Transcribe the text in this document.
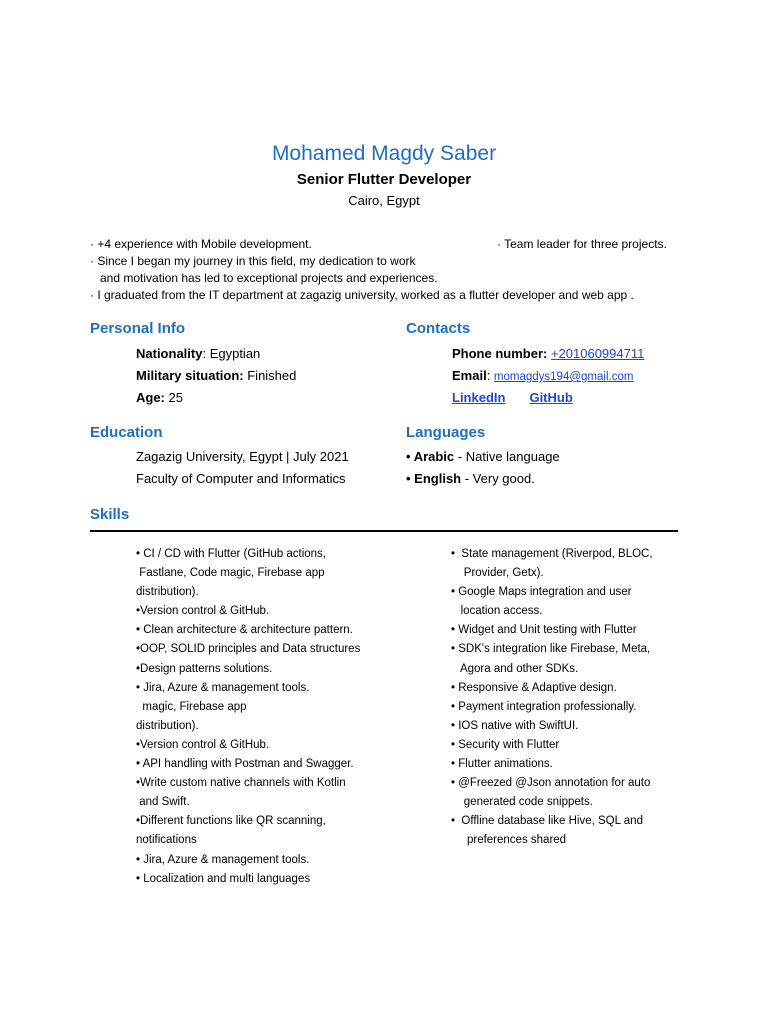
Mohamed Magdy Saber
Senior Flutter Developer
Cairo, Egypt
· +4 experience with Mobile development.	· Team leader for three projects.
· Since I began my journey in this field, my dedication to work
and motivation has led to exceptional projects and experiences.
· I graduated from the IT department at zagazig university, worked as a flutter developer and web app .
Personal Info
Nationality: Egyptian
Military situation: Finished
Age: 25
Contacts
Phone number: +201060994711
Email: momagdys194@gmail.com
LinkedIn GitHub
Education
Zagazig University, Egypt | July 2021
Faculty of Computer and Informatics
Languages
• Arabic - Native language
• English - Very good.
Skills
• CI / CD with Flutter (GitHub actions,
Fastlane, Code magic, Firebase app
distribution).
•Version control & GitHub.
• Clean architecture & architecture pattern.
•OOP, SOLID principles and Data structures
•Design patterns solutions.
• Jira, Azure & management tools.
magic, Firebase app
distribution).
•Version control & GitHub.
• API handling with Postman and Swagger.
•Write custom native channels with Kotlin
and Swift.
•Different functions like QR scanning,
notifications
• Jira, Azure & management tools.
• Localization and multi languages
•  State management (Riverpod, BLOC,
Provider, Getx).
• Google Maps integration and user
location access.
• Widget and Unit testing with Flutter
• SDK's integration like Firebase, Meta,
Agora and other SDKs.
• Responsive & Adaptive design.
• Payment integration professionally.
• IOS native with SwiftUI.
• Security with Flutter
• Flutter animations.
• @Freezed @Json annotation for auto
generated code snippets.
•  Offline database like Hive, SQL and
preferences shared
